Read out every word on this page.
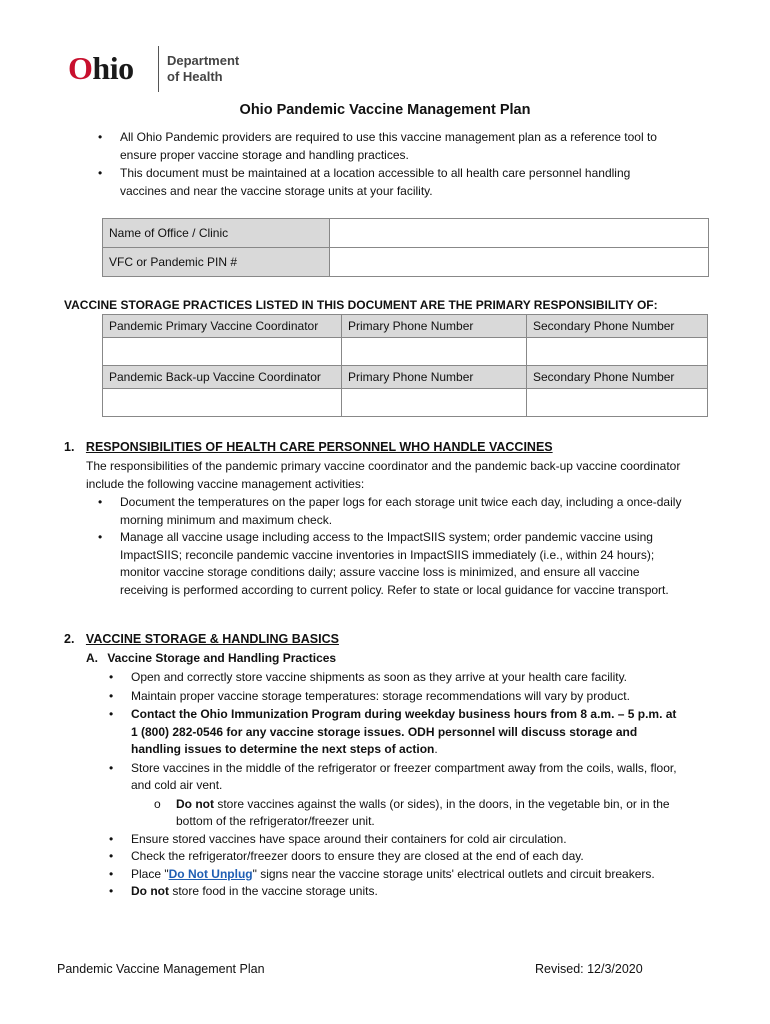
Ohio	Department
of Health
Ohio Pandemic Vaccine Management Plan
• All Ohio Pandemic providers are required to use this vaccine management plan as a reference tool to ensure proper vaccine storage and handling practices.
• This document must be maintained at a location accessible to all health care personnel handling vaccines and near the vaccine storage units at your facility.
Name of Office / Clinic	
VFC or Pandemic PIN #	
VACCINE STORAGE PRACTICES LISTED IN THIS DOCUMENT ARE THE PRIMARY RESPONSIBILITY OF:
Pandemic Primary Vaccine Coordinator	Primary Phone Number	Secondary Phone Number

Pandemic Back-up Vaccine Coordinator	Primary Phone Number	Secondary Phone Number

1. RESPONSIBILITIES OF HEALTH CARE PERSONNEL WHO HANDLE VACCINES
The responsibilities of the pandemic primary vaccine coordinator and the pandemic back-up vaccine coordinator include the following vaccine management activities:
• Document the temperatures on the paper logs for each storage unit twice each day, including a once-daily morning minimum and maximum check.
• Manage all vaccine usage including access to the ImpactSIIS system; order pandemic vaccine using ImpactSIIS; reconcile pandemic vaccine inventories in ImpactSIIS immediately (i.e., within 24 hours); monitor vaccine storage conditions daily; assure vaccine loss is minimized, and ensure all vaccine receiving is performed according to current policy. Refer to state or local guidance for vaccine transport.
2. VACCINE STORAGE & HANDLING BASICS
A. Vaccine Storage and Handling Practices
• Open and correctly store vaccine shipments as soon as they arrive at your health care facility.
• Maintain proper vaccine storage temperatures: storage recommendations will vary by product.
• Contact the Ohio Immunization Program during weekday business hours from 8 a.m. – 5 p.m. at 1 (800) 282-0546 for any vaccine storage issues. ODH personnel will discuss storage and handling issues to determine the next steps of action.
• Store vaccines in the middle of the refrigerator or freezer compartment away from the coils, walls, floor, and cold air vent.
o Do not store vaccines against the walls (or sides), in the doors, in the vegetable bin, or in the bottom of the refrigerator/freezer unit.
• Ensure stored vaccines have space around their containers for cold air circulation.
• Check the refrigerator/freezer doors to ensure they are closed at the end of each day.
• Place "Do Not Unplug" signs near the vaccine storage units' electrical outlets and circuit breakers.
• Do not store food in the vaccine storage units.
Pandemic Vaccine Management Plan	Revised: 12/3/2020
